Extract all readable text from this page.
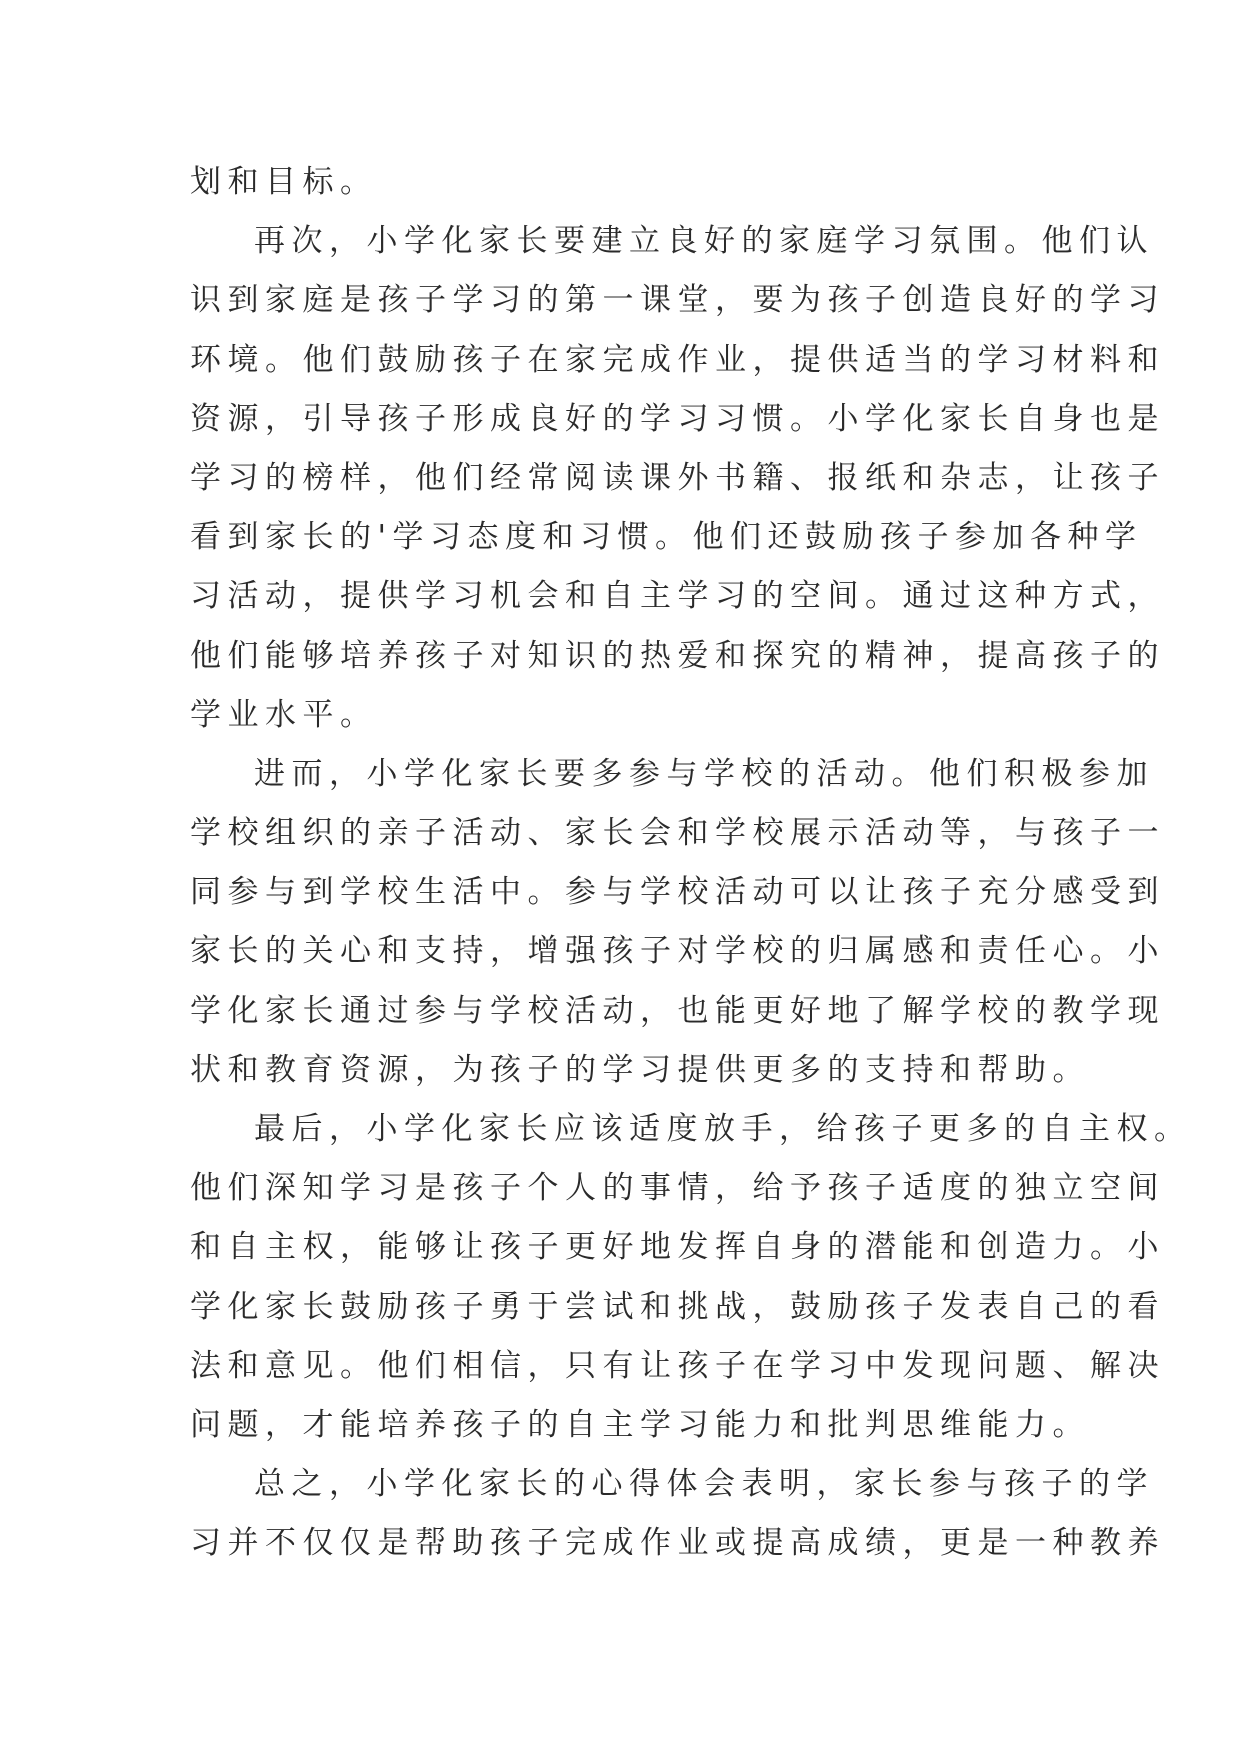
划和目标。
再次，小学化家长要建立良好的家庭学习氛围。他们认
识到家庭是孩子学习的第一课堂，要为孩子创造良好的学习
环境。他们鼓励孩子在家完成作业，提供适当的学习材料和
资源，引导孩子形成良好的学习习惯。小学化家长自身也是
学习的榜样，他们经常阅读课外书籍、报纸和杂志，让孩子
看到家长的'学习态度和习惯。他们还鼓励孩子参加各种学
习活动，提供学习机会和自主学习的空间。通过这种方式，
他们能够培养孩子对知识的热爱和探究的精神，提高孩子的
学业水平。
进而，小学化家长要多参与学校的活动。他们积极参加
学校组织的亲子活动、家长会和学校展示活动等，与孩子一
同参与到学校生活中。参与学校活动可以让孩子充分感受到
家长的关心和支持，增强孩子对学校的归属感和责任心。小
学化家长通过参与学校活动，也能更好地了解学校的教学现
状和教育资源，为孩子的学习提供更多的支持和帮助。
最后，小学化家长应该适度放手，给孩子更多的自主权。
他们深知学习是孩子个人的事情，给予孩子适度的独立空间
和自主权，能够让孩子更好地发挥自身的潜能和创造力。小
学化家长鼓励孩子勇于尝试和挑战，鼓励孩子发表自己的看
法和意见。他们相信，只有让孩子在学习中发现问题、解决
问题，才能培养孩子的自主学习能力和批判思维能力。
总之，小学化家长的心得体会表明，家长参与孩子的学
习并不仅仅是帮助孩子完成作业或提高成绩，更是一种教养
